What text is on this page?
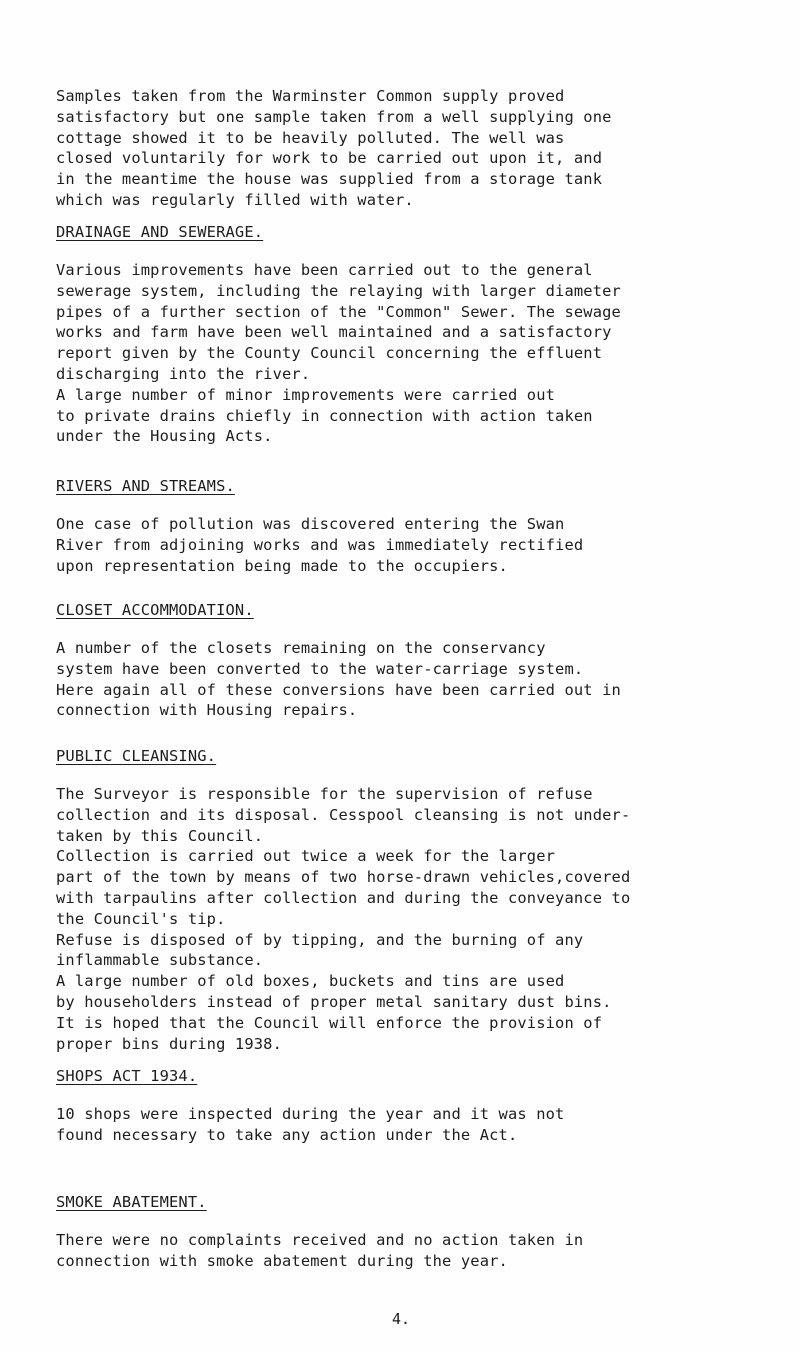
Samples taken from the Warminster Common supply proved
satisfactory but one sample taken from a well supplying one
cottage showed it to be heavily polluted. The well was
closed voluntarily for work to be carried out upon it, and
in the meantime the house was supplied from a storage tank
which was regularly filled with water.

DRAINAGE AND SEWERAGE.

Various improvements have been carried out to the general
sewerage system, including the relaying with larger diameter
pipes of a further section of the "Common" Sewer. The sewage
works and farm have been well maintained and a satisfactory
report given by the County Council concerning the effluent
discharging into the river.
A large number of minor improvements were carried out
to private drains chiefly in connection with action taken
under the Housing Acts.

RIVERS AND STREAMS.

One case of pollution was discovered entering the Swan
River from adjoining works and was immediately rectified
upon representation being made to the occupiers.

CLOSET ACCOMMODATION.

A number of the closets remaining on the conservancy
system have been converted to the water-carriage system.
Here again all of these conversions have been carried out in
connection with Housing repairs.

PUBLIC CLEANSING.

The Surveyor is responsible for the supervision of refuse
collection and its disposal. Cesspool cleansing is not under-
taken by this Council.
Collection is carried out twice a week for the larger
part of the town by means of two horse-drawn vehicles,covered
with tarpaulins after collection and during the conveyance to
the Council's tip.
Refuse is disposed of by tipping, and the burning of any
inflammable substance.
A large number of old boxes, buckets and tins are used
by householders instead of proper metal sanitary dust bins.
It is hoped that the Council will enforce the provision of
proper bins during 1938.

SHOPS ACT 1934.

10 shops were inspected during the year and it was not
found necessary to take any action under the Act.

SMOKE ABATEMENT.

There were no complaints received and no action taken in
connection with smoke abatement during the year.

4.
